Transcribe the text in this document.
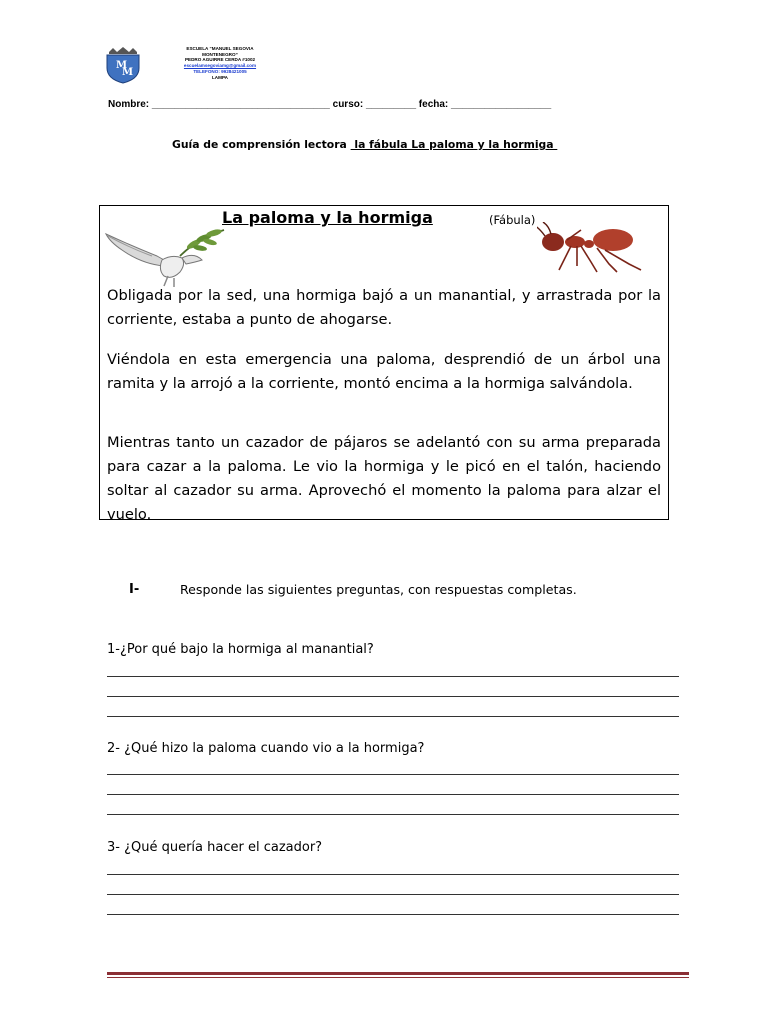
M
M
ESCUELA “MANUEL SEGOVIA
MONTENEGRO”
PEDRO AGUIRRE CERDA #1002
escuelamsegoviamg@gmail.com
TELEFONO: 9928421005
LAMPA
Nombre: ________________________________ curso: _________ fecha: __________________
Guía de comprensión lectora  la fábula La paloma y la hormiga
La paloma y la hormiga	(Fábula)
Obligada por la sed, una hormiga bajó a un manantial, y arrastrada por la corriente, estaba a punto de ahogarse.
Viéndola en esta emergencia una paloma, desprendió de un árbol una ramita y la arrojó a la corriente, montó encima a la hormiga salvándola.
Mientras tanto un cazador de pájaros se adelantó con su arma preparada para cazar a la paloma. Le vio la hormiga y le picó en el talón, haciendo soltar al cazador su arma. Aprovechó el momento la paloma para alzar el vuelo.
I-	Responde las siguientes preguntas, con respuestas completas.
1-¿Por qué bajo la hormiga al manantial?
2- ¿Qué hizo la paloma cuando vio a la hormiga?
3- ¿Qué quería hacer el cazador?
